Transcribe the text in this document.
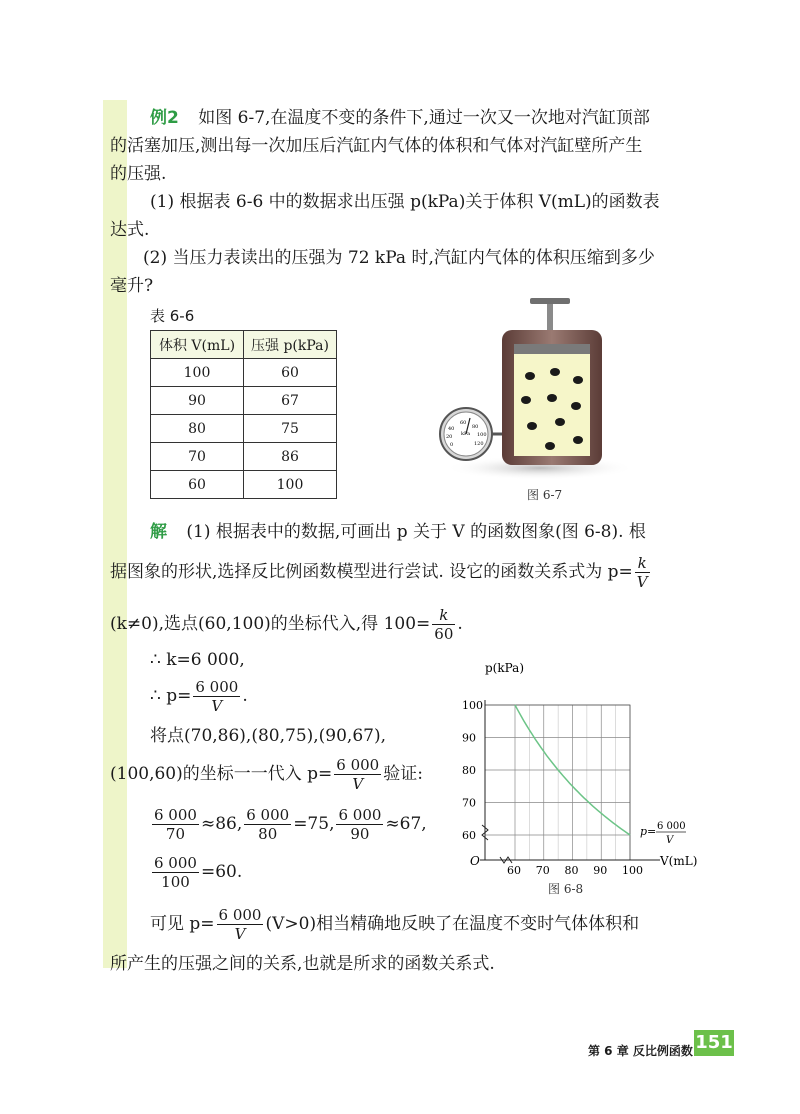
例2 如图 6-7,在温度不变的条件下,通过一次又一次地对汽缸顶部
的活塞加压,测出每一次加压后汽缸内气体的体积和气体对汽缸壁所产生
的压强.
(1) 根据表 6-6 中的数据求出压强 p(kPa)关于体积 V(mL)的函数表
达式.
(2) 当压力表读出的压强为 72 kPa 时,汽缸内气体的体积压缩到多少
毫升?
表 6-6
体积 V(mL)	压强 p(kPa)
100	60
90	67
80	75
70	86
60	100
60
40
20
0
80
100
120
kPa
图 6-7
解 (1) 根据表中的数据,可画出 p 关于 V 的函数图象(图 6-8). 根
据图象的形状,选择反比例函数模型进行尝试. 设它的函数关系式为 $p= \frac{k}{V}$
(k≠0),选点(60,100)的坐标代入,得 $100= \frac{k}{60}$ .
∴ k=6 000,
∴ $p= \frac{6 000}{V}$ .
将点(70,86),(80,75),(90,67),
(100,60)的坐标一一代入 $p= \frac{6 000}{V}$ 验证:
$\frac{6 000}{70} \approx 86$, $\frac{6 000}{80} =75$, $\frac{6 000}{90} \approx 67$,
$\frac{6 000}{100} =60$.
可见 $p= \frac{6 000}{V} (V>0)$相当精确地反映了在温度不变时气体体积和
所产生的压强之间的关系,也就是所求的函数关系式.
60 70 80 90 100
60
70
80
90
100
p(kPa)
V(mL)
O
p= 6 000
V
图 6-8
第 6 章 反比例函数 151
